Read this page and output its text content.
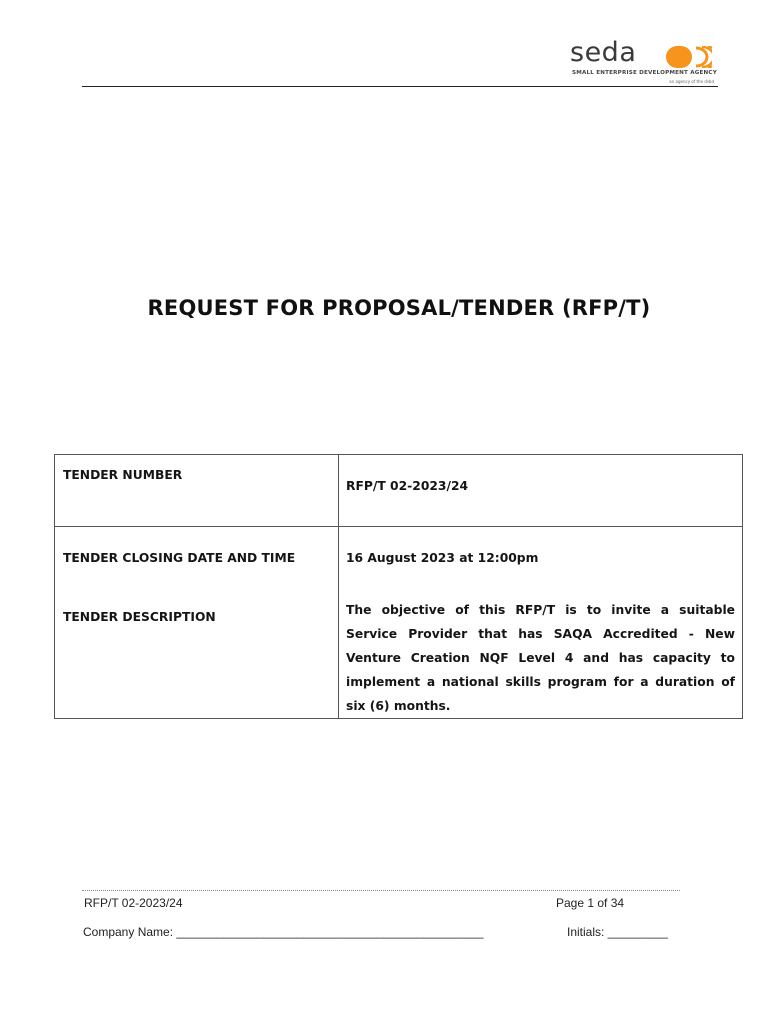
seda
SMALL ENTERPRISE DEVELOPMENT AGENCY
an agency of the dsbd
REQUEST FOR PROPOSAL/TENDER (RFP/T)
TENDER NUMBER	RFP/T 02-2023/24
TENDER CLOSING DATE AND TIME	16 August 2023 at 12:00pm
TENDER DESCRIPTION	The objective of this RFP/T is to invite a suitable Service Provider that has SAQA Accredited - New Venture Creation NQF Level 4 and has capacity to implement a national skills program for a duration of six (6) months.
RFP/T 02-2023/24	Page 1 of 34
Company Name: ______________________________________________	Initials: _________
